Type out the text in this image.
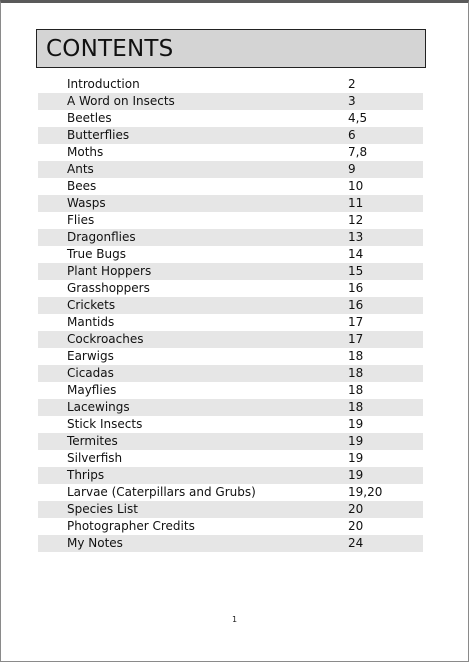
CONTENTS
Introduction	2
A Word on Insects	3
Beetles	4,5
Butterflies	6
Moths	7,8
Ants	9
Bees	10
Wasps	11
Flies	12
Dragonflies	13
True Bugs	14
Plant Hoppers	15
Grasshoppers	16
Crickets	16
Mantids	17
Cockroaches	17
Earwigs	18
Cicadas	18
Mayflies	18
Lacewings	18
Stick Insects	19
Termites	19
Silverfish	19
Thrips	19
Larvae (Caterpillars and Grubs)	19,20
Species List	20
Photographer Credits	20
My Notes	24
1
